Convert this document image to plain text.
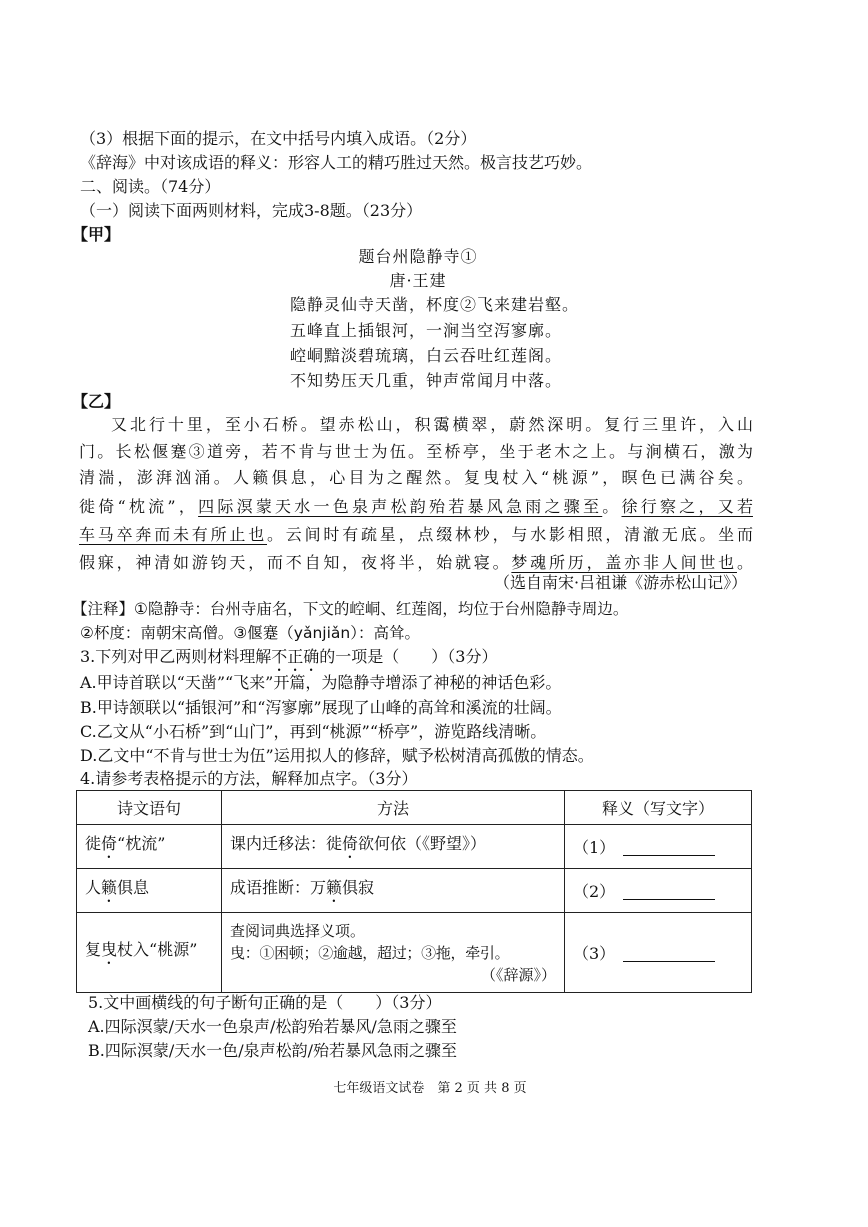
（3）根据下面的提示，在文中括号内填入成语。（2分）
《辞海》中对该成语的释义：形容人工的精巧胜过天然。极言技艺巧妙。
二、阅读。（74分）
（一）阅读下面两则材料，完成3-8题。（23分）
【甲】
题台州隐静寺①
唐·王建
隐静灵仙寺天凿，杯度②飞来建岩壑。
五峰直上插银河，一涧当空泻寥廓。
崆峒黯淡碧琉璃，白云吞吐红莲阁。
不知势压天几重，钟声常闻月中落。
【乙】
又北行十里，至小石桥。望赤松山，积霭横翠，蔚然深明。复行三里许，入山
门。长松偃蹇③道旁，若不肯与世士为伍。至桥亭，坐于老木之上。与涧横石，激为
清湍，澎湃汹涌。人籁俱息，心目为之醒然。复曳杖入“桃源”，暝色已满谷矣。
徙倚“枕流”，四际溟蒙天水一色泉声松韵殆若暴风急雨之骤至。徐行察之，又若
车马卒奔而未有所止也。云间时有疏星，点缀林杪，与水影相照，清澈无底。坐而
假寐，神清如游钧天，而不自知，夜将半，始就寝。梦魂所历，盖亦非人间世也。
（选自南宋·吕祖谦《游赤松山记》）
【注释】①隐静寺：台州寺庙名，下文的崆峒、红莲阁，均位于台州隐静寺周边。
②杯度：南朝宋高僧。③偃蹇（yǎnjiǎn）：高耸。
3.下列对甲乙两则材料理解不正确的一项是（　　）（3分）
A.甲诗首联以“天凿”“飞来”开篇，为隐静寺增添了神秘的神话色彩。
B.甲诗颔联以“插银河”和“泻寥廓”展现了山峰的高耸和溪流的壮阔。
C.乙文从“小石桥”到“山门”，再到“桃源”“桥亭”，游览路线清晰。
D.乙文中“不肯与世士为伍”运用拟人的修辞，赋予松树清高孤傲的情态。
4.请参考表格提示的方法，解释加点字。（3分）
诗文语句	方法	释义（写文字）
徙倚“枕流”	课内迁移法：徙倚欲何依（《野望》）	（1）
人籁俱息	成语推断：万籁俱寂	（2）
复曳杖入“桃源”	查阅词典选择义项。
曳：①困顿；②逾越，超过；③拖，牵引。
（《辞源》）	（3）
5.文中画横线的句子断句正确的是（　　）（3分）
A.四际溟蒙/天水一色泉声/松韵殆若暴风/急雨之骤至
B.四际溟蒙/天水一色/泉声松韵/殆若暴风急雨之骤至
七年级语文试卷　第 2 页 共 8 页
